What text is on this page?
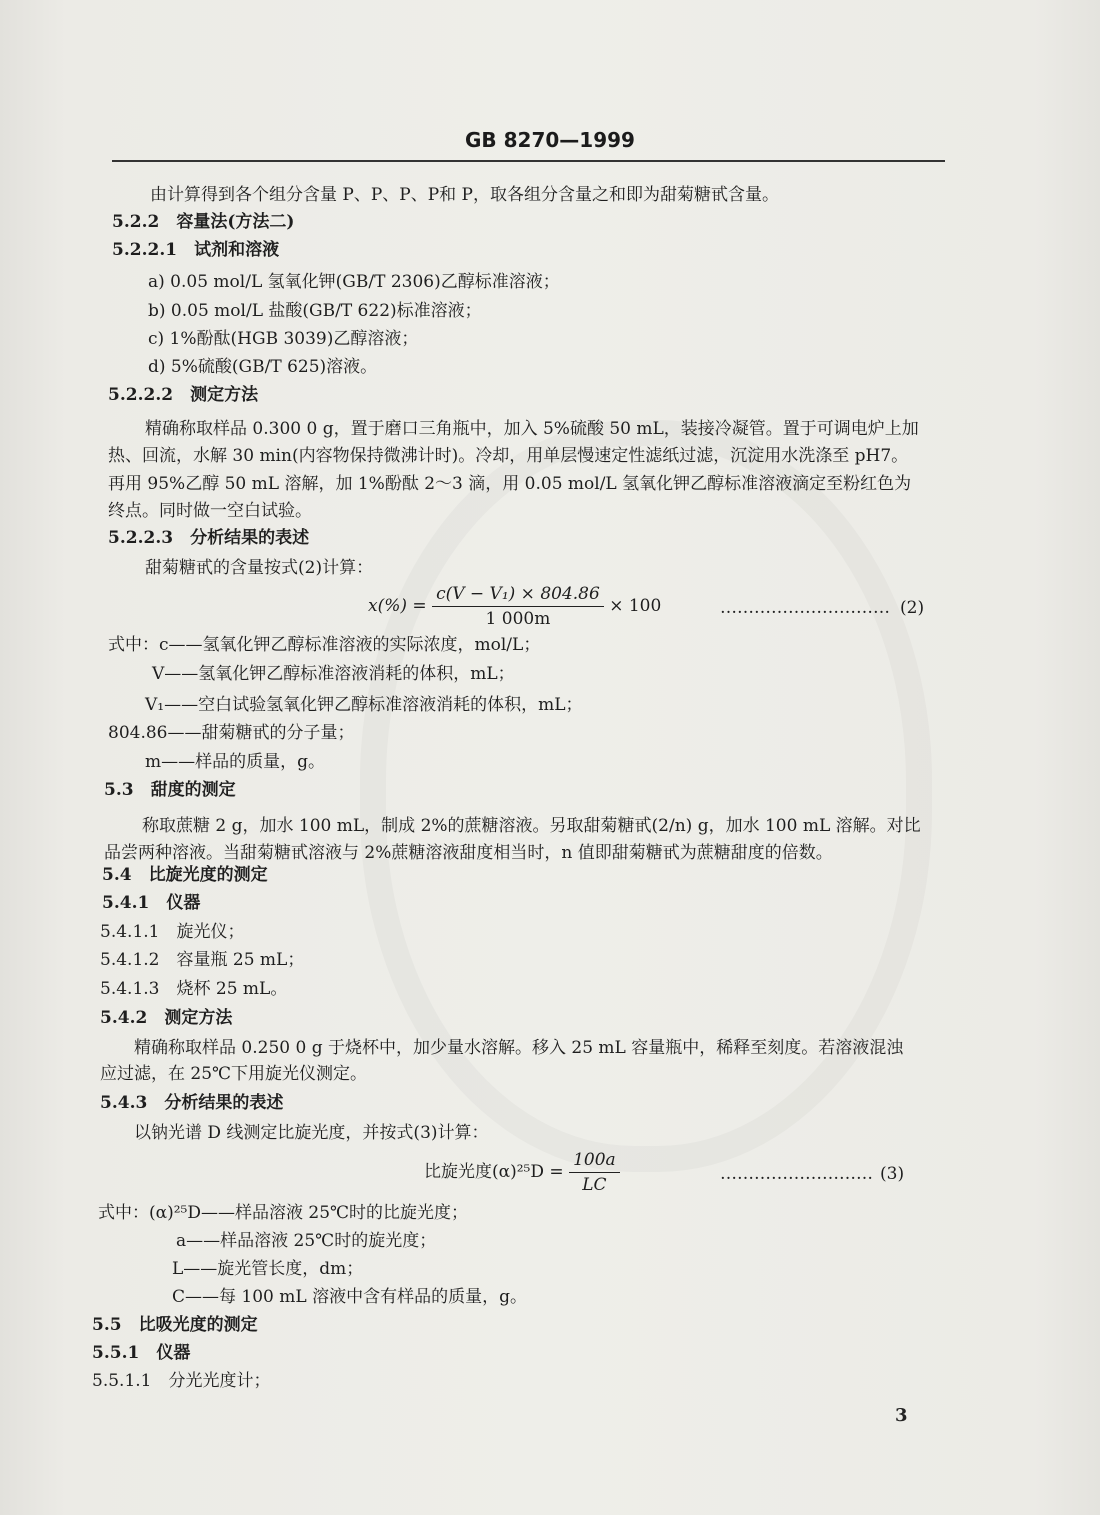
GB 8270—1999
由计算得到各个组分含量 P、P、P、P和 P，取各组分含量之和即为甜菊糖甙含量。
5.2.2　容量法(方法二)
5.2.2.1　试剂和溶液
a) 0.05 mol/L 氢氧化钾(GB/T 2306)乙醇标准溶液；
b) 0.05 mol/L 盐酸(GB/T 622)标准溶液；
c) 1%酚酞(HGB 3039)乙醇溶液；
d) 5%硫酸(GB/T 625)溶液。
5.2.2.2　测定方法
精确称取样品 0.300 0 g，置于磨口三角瓶中，加入 5%硫酸 50 mL，装接冷凝管。置于可调电炉上加
热、回流，水解 30 min(内容物保持微沸计时)。冷却，用单层慢速定性滤纸过滤，沉淀用水洗涤至 pH7。
再用 95%乙醇 50 mL 溶解，加 1%酚酞 2～3 滴，用 0.05 mol/L 氢氧化钾乙醇标准溶液滴定至粉红色为
终点。同时做一空白试验。
5.2.2.3　分析结果的表述
甜菊糖甙的含量按式(2)计算：
$x(\%) = \frac{\text{c(V − V₁) × 804.86}}{1 000m} \times 100$	………………………… (2)
式中：c——氢氧化钾乙醇标准溶液的实际浓度，mol/L；
V——氢氧化钾乙醇标准溶液消耗的体积，mL；
V₁——空白试验氢氧化钾乙醇标准溶液消耗的体积，mL；
804.86——甜菊糖甙的分子量；
m——样品的质量，g。
5.3　甜度的测定
称取蔗糖 2 g，加水 100 mL，制成 2%的蔗糖溶液。另取甜菊糖甙(2/n) g，加水 100 mL 溶解。对比
品尝两种溶液。当甜菊糖甙溶液与 2%蔗糖溶液甜度相当时，n 值即甜菊糖甙为蔗糖甜度的倍数。
5.4　比旋光度的测定
5.4.1　仪器
5.4.1.1　旋光仪；
5.4.1.2　容量瓶 25 mL；
5.4.1.3　烧杯 25 mL。
5.4.2　测定方法
精确称取样品 0.250 0 g 于烧杯中，加少量水溶解。移入 25 mL 容量瓶中，稀释至刻度。若溶液混浊
应过滤，在 25℃下用旋光仪测定。
5.4.3　分析结果的表述
以钠光谱 D 线测定比旋光度，并按式(3)计算：
比旋光度$(\alpha)^{25}D = \frac{100a}{LC}$	……………………… (3)
式中：(α)²⁵D——样品溶液 25℃时的比旋光度；
a——样品溶液 25℃时的旋光度；
L——旋光管长度，dm；
C——每 100 mL 溶液中含有样品的质量，g。
5.5　比吸光度的测定
5.5.1　仪器
5.5.1.1　分光光度计；
3
